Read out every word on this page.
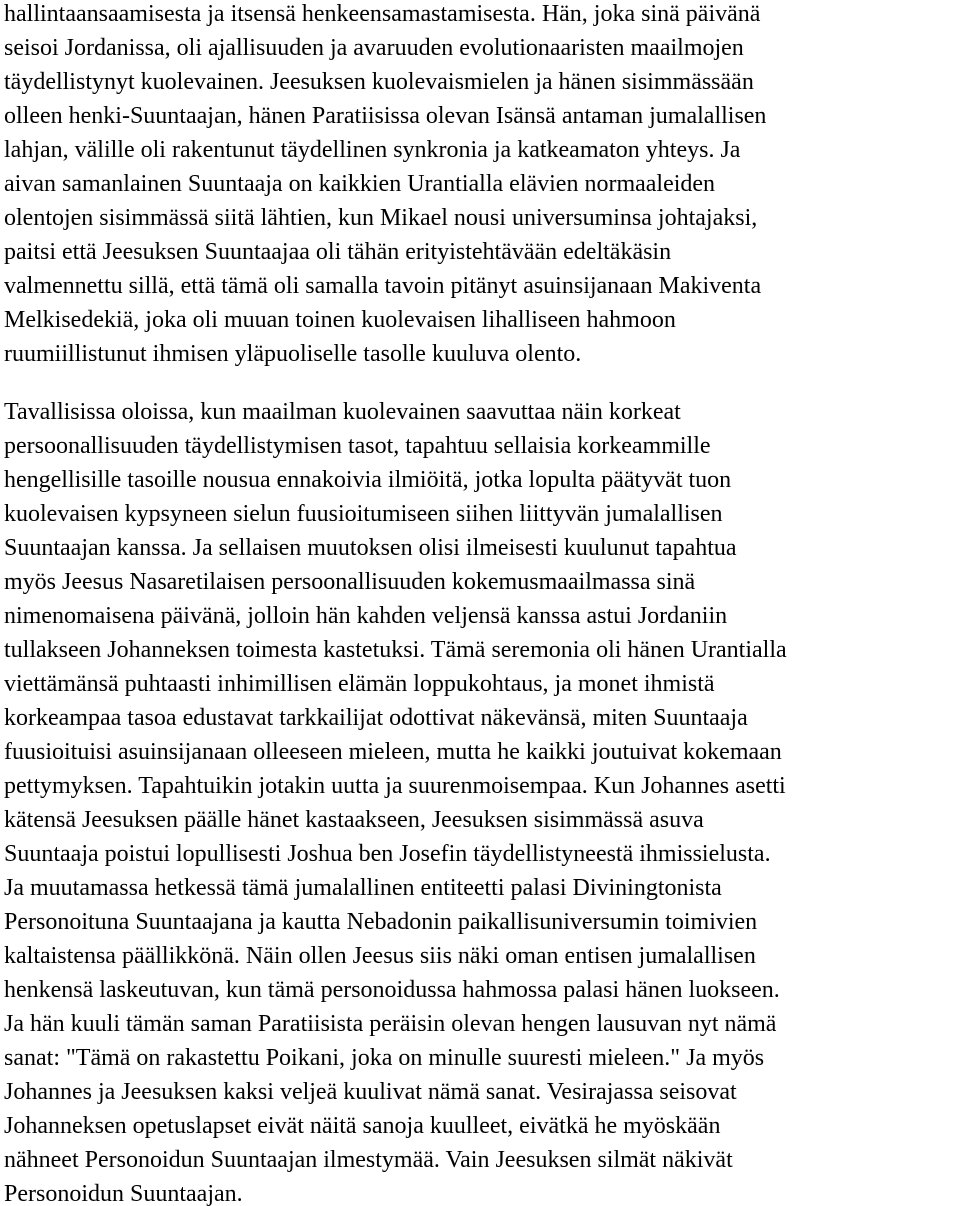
hallintaansaamisesta ja itsensä henkeensamastamisesta. Hän, joka sinä päivänä
seisoi Jordanissa, oli ajallisuuden ja avaruuden evolutionaaristen maailmojen
täydellistynyt kuolevainen. Jeesuksen kuolevaismielen ja hänen sisimmässään
olleen henki-Suuntaajan, hänen Paratiisissa olevan Isänsä antaman jumalallisen
lahjan, välille oli rakentunut täydellinen synkronia ja katkeamaton yhteys. Ja
aivan samanlainen Suuntaaja on kaikkien Urantialla elävien normaaleiden
olentojen sisimmässä siitä lähtien, kun Mikael nousi universuminsa johtajaksi,
paitsi että Jeesuksen Suuntaajaa oli tähän erityistehtävään edeltäkäsin
valmennettu sillä, että tämä oli samalla tavoin pitänyt asuinsijanaan Makiventa
Melkisedekiä, joka oli muuan toinen kuolevaisen lihalliseen hahmoon
ruumiillistunut ihmisen yläpuoliselle tasolle kuuluva olento.
Tavallisissa oloissa, kun maailman kuolevainen saavuttaa näin korkeat
persoonallisuuden täydellistymisen tasot, tapahtuu sellaisia korkeammille
hengellisille tasoille nousua ennakoivia ilmiöitä, jotka lopulta päätyvät tuon
kuolevaisen kypsyneen sielun fuusioitumiseen siihen liittyvän jumalallisen
Suuntaajan kanssa. Ja sellaisen muutoksen olisi ilmeisesti kuulunut tapahtua
myös Jeesus Nasaretilaisen persoonallisuuden kokemusmaailmassa sinä
nimenomaisena päivänä, jolloin hän kahden veljensä kanssa astui Jordaniin
tullakseen Johanneksen toimesta kastetuksi. Tämä seremonia oli hänen Urantialla
viettämänsä puhtaasti inhimillisen elämän loppukohtaus, ja monet ihmistä
korkeampaa tasoa edustavat tarkkailijat odottivat näkevänsä, miten Suuntaaja
fuusioituisi asuinsijanaan olleeseen mieleen, mutta he kaikki joutuivat kokemaan
pettymyksen. Tapahtuikin jotakin uutta ja suurenmoisempaa. Kun Johannes asetti
kätensä Jeesuksen päälle hänet kastaakseen, Jeesuksen sisimmässä asuva
Suuntaaja poistui lopullisesti Joshua ben Josefin täydellistyneestä ihmissielusta.
Ja muutamassa hetkessä tämä jumalallinen entiteetti palasi Diviningtonista
Personoituna Suuntaajana ja kautta Nebadonin paikallisuniversumin toimivien
kaltaistensa päällikkönä. Näin ollen Jeesus siis näki oman entisen jumalallisen
henkensä laskeutuvan, kun tämä personoidussa hahmossa palasi hänen luokseen.
Ja hän kuuli tämän saman Paratiisista peräisin olevan hengen lausuvan nyt nämä
sanat: "Tämä on rakastettu Poikani, joka on minulle suuresti mieleen." Ja myös
Johannes ja Jeesuksen kaksi veljeä kuulivat nämä sanat. Vesirajassa seisovat
Johanneksen opetuslapset eivät näitä sanoja kuulleet, eivätkä he myöskään
nähneet Personoidun Suuntaajan ilmestymää. Vain Jeesuksen silmät näkivät
Personoidun Suuntaajan.
